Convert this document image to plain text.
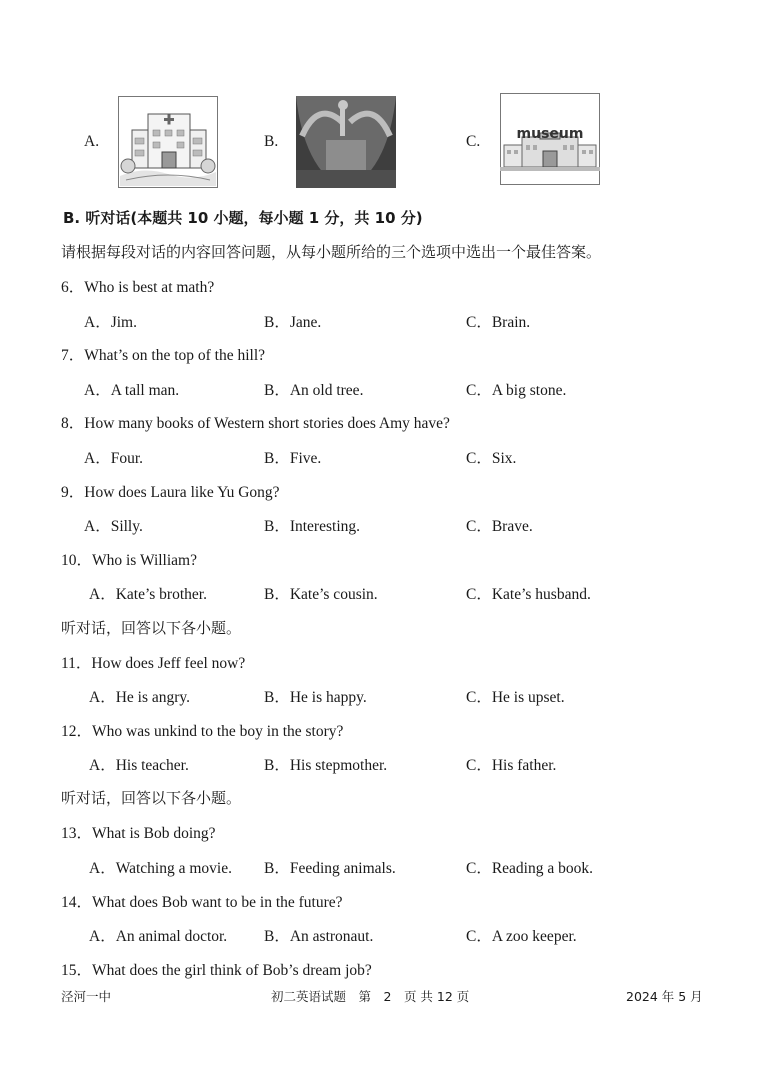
A.	B.	C.	museum
B. 听对话(本题共 10 小题，每小题 1 分，共 10 分)
请根据每段对话的内容回答问题，从每小题所给的三个选项中选出一个最佳答案。
6．Who is best at math?
A．Jim.	B．Jane.	C．Brain.
7．What’s on the top of the hill?
A．A tall man.	B．An old tree.	C．A big stone.
8．How many books of Western short stories does Amy have?
A．Four.	B．Five.	C．Six.
9．How does Laura like Yu Gong?
A．Silly.	B．Interesting.	C．Brave.
10．Who is William?
A．Kate’s brother.	B．Kate’s cousin.	C．Kate’s husband.
听对话，回答以下各小题。
11．How does Jeff feel now?
A．He is angry.	B．He is happy.	C．He is upset.
12．Who was unkind to the boy in the story?
A．His teacher.	B．His stepmother.	C．His father.
听对话，回答以下各小题。
13．What is Bob doing?
A．Watching a movie. B．Feeding animals.	C．Reading a book.
14．What does Bob want to be in the future?
A．An animal doctor. B．An astronaut.	C．A zoo keeper.
15．What does the girl think of Bob’s dream job?
泾河一中	初二英语试题　第　2　页 共 12 页	2024 年 5 月
